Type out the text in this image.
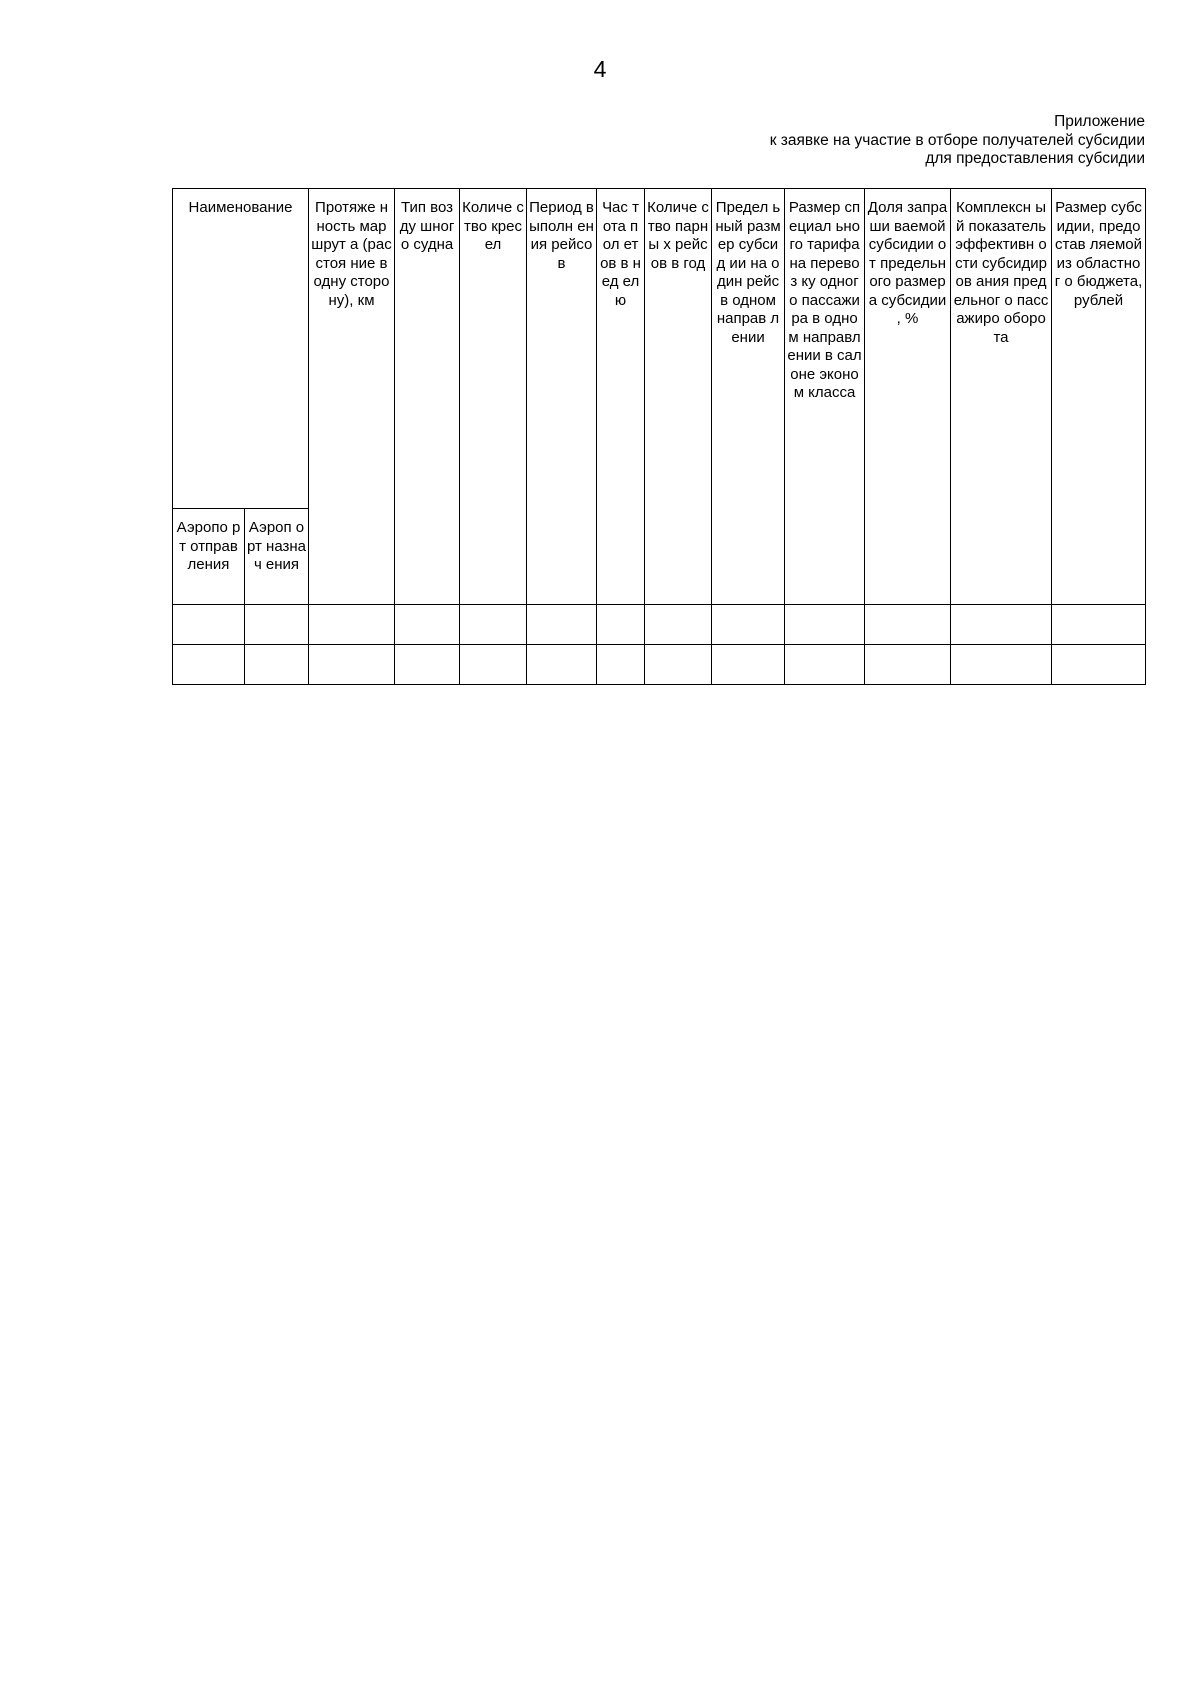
4
Приложение
к заявке на участие в отборе получателей субсидии
для предоставления субсидии
Наименование		Протяже нность маршрут а (расстоя ние в одну сторону), км	Тип возду шного судна	Количе ство кресел	Период выполн ения рейсов	Час тота пол етов в нед елю	Количе ство парны х рейсов в год	Предел ьный размер субсид ии на один рейс в одном направ лении	Размер специал ьного тарифа на перевоз ку одного пассажи ра в одном направл ении в салоне эконом класса	Доля запраши ваемой субсидии от предельн ого размера субсидии , %	Комплексн ый показатель эффективн ости субсидиров ания предельног о пассажиро оборота	Размер субсидии, предостав ляемой из областног о бюджета, рублей
Аэропо рт отправ ления	Аэроп орт назнач ения											
